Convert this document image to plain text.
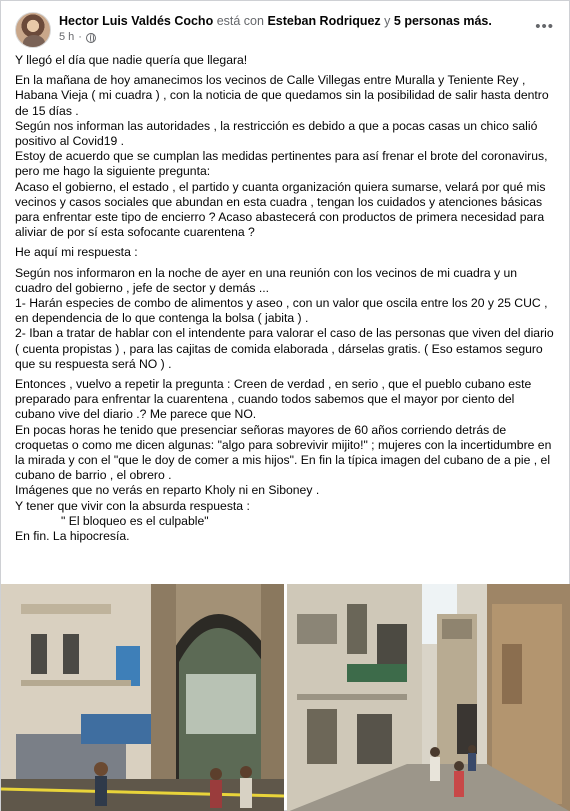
Hector Luis Valdés Cocho está con Esteban Rodriquez y 5 personas más.
5 h ·
•••

Y llegó el día que nadie quería que llegara!

En la mañana de hoy amanecimos los vecinos de Calle Villegas entre Muralla y Teniente Rey , Habana Vieja ( mi cuadra ) , con la noticia de que quedamos sin la posibilidad de salir hasta dentro de 15 días .

Según nos informan las autoridades , la restricción es debido a que a pocas casas un chico salió positivo al Covid19 .

Estoy de acuerdo que se cumplan las medidas pertinentes para así frenar el brote del coronavirus, pero me hago la siguiente pregunta:

Acaso el gobierno, el estado , el partido y cuanta organización quiera sumarse, velará por qué mis vecinos y casos sociales que abundan en esta cuadra , tengan los cuidados y atenciones básicas para enfrentar este tipo de encierro ? Acaso abastecerá con productos de primera necesidad para aliviar de por sí esta sofocante cuarentena ?

He aquí mi respuesta :

Según nos informaron en la noche de ayer en una reunión con los vecinos de mi cuadra y un cuadro del gobierno , jefe de sector y demás ...

1- Harán especies de combo de alimentos y aseo , con un valor que oscila entre los 20 y 25 CUC , en dependencia de lo que contenga la bolsa ( jabita ) .

2- Iban a tratar de hablar con el intendente para valorar el caso de las personas que viven del diario ( cuenta propistas ) , para las cajitas de comida elaborada , dárselas gratis. ( Eso estamos seguro que su respuesta será NO ) .

Entonces , vuelvo a repetir la pregunta : Creen de verdad , en serio , que el pueblo cubano este preparado para enfrentar la cuarentena , cuando todos sabemos que el mayor por ciento del cubano vive del diario .? Me parece que NO.

En pocas horas he tenido que presenciar señoras mayores de 60 años corriendo detrás de croquetas o como me dicen algunas: "algo para sobrevivir mijito!" ; mujeres con la incertidumbre en la mirada y con el "que le doy de comer a mis hijos". En fin la típica imagen del cubano de a pie , el cubano de barrio , el obrero .

Imágenes que no verás en reparto Kholy ni en Siboney .

Y tener que vivir con la absurda respuesta :

" El bloqueo es el culpable"

En fin. La hipocresía.
